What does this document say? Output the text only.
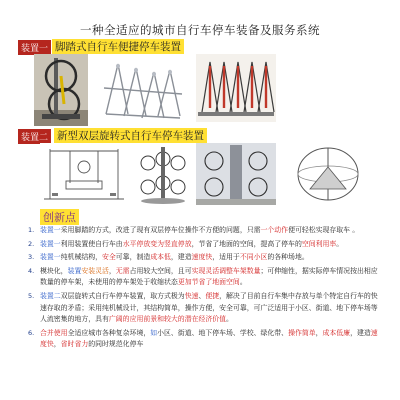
一种全适应的城市自行车停车装备及服务系统
装置一 脚踏式自行车便捷停车装置
装置二 新型双层旋转式自行车停车装置
创新点
1. 装置一采用脚踏的方式，改进了现有双层停车位操作不方便的问题，只需一个动作便可轻松实现存取车 。
2. 装置一利用装置使自行车由水平停放变为竖直停放，节省了地面的空间，提高了停车的空间利用率。
3. 装置一纯机械结构，安全可靠，制造成本低，建造速度快，适用于不同小区的各种场地。
4. 模块化，装置安装灵活，无需占用较大空间，且可实现灵活调整车架数量；可伸缩性，据实际停车情况按出相应数量的停车架，未使用的停车架处于收缩状态更加节省了地面空间。
5. 装置二双层旋转式自行车停车装置，取方式极为快速、便捷，解决了目前自行车集中存放与单个特定自行车的快速存取的矛盾；采用纯机械设计，其结构简单，操作方便，安全可靠，可广泛适用于小区、街道、地下停车场等人流密集的地方，具有广阔的应用前景和较大的潜在经济价值。
6. 合并使用全适应城市各种复杂环境，如小区、街道、地下停车场、学校、绿化带、操作简单，成本低廉，建造速度快，省时省力的同时规范化停车
